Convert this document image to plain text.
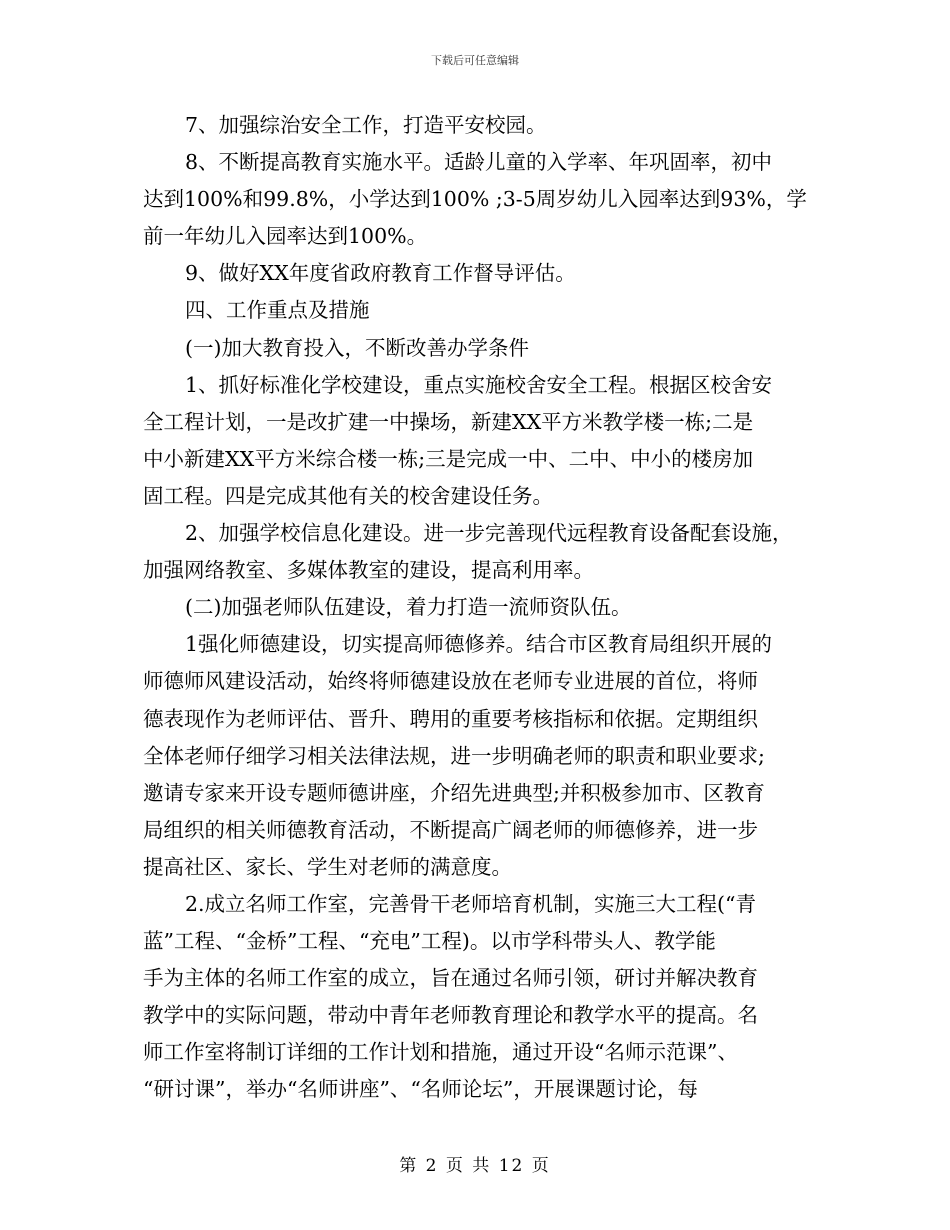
下载后可任意编辑
7、加强综治安全工作，打造平安校园。
8、不断提高教育实施水平。适龄儿童的入学率、年巩固率，初中
达到100%和99.8%，小学达到100% ;3-5周岁幼儿入园率达到93%，学
前一年幼儿入园率达到100%。
9、做好XX年度省政府教育工作督导评估。
四、工作重点及措施
(一)加大教育投入，不断改善办学条件
1、抓好标准化学校建设，重点实施校舍安全工程。根据区校舍安
全工程计划，一是改扩建一中操场，新建XX平方米教学楼一栋;二是
中小新建XX平方米综合楼一栋;三是完成一中、二中、中小的楼房加
固工程。四是完成其他有关的校舍建设任务。
2、加强学校信息化建设。进一步完善现代远程教育设备配套设施，
加强网络教室、多媒体教室的建设，提高利用率。
(二)加强老师队伍建设，着力打造一流师资队伍。
1强化师德建设，切实提高师德修养。结合市区教育局组织开展的
师德师风建设活动，始终将师德建设放在老师专业进展的首位，将师
德表现作为老师评估、晋升、聘用的重要考核指标和依据。定期组织
全体老师仔细学习相关法律法规，进一步明确老师的职责和职业要求;
邀请专家来开设专题师德讲座，介绍先进典型;并积极参加市、区教育
局组织的相关师德教育活动，不断提高广阔老师的师德修养，进一步
提高社区、家长、学生对老师的满意度。
2.成立名师工作室，完善骨干老师培育机制，实施三大工程(“青
蓝”工程、“金桥”工程、“充电”工程)。以市学科带头人、教学能
手为主体的名师工作室的成立，旨在通过名师引领，研讨并解决教育
教学中的实际问题，带动中青年老师教育理论和教学水平的提高。名
师工作室将制订详细的工作计划和措施，通过开设“名师示范课”、
“研讨课”，举办“名师讲座”、“名师论坛”，开展课题讨论，每
第 2 页 共 12 页
